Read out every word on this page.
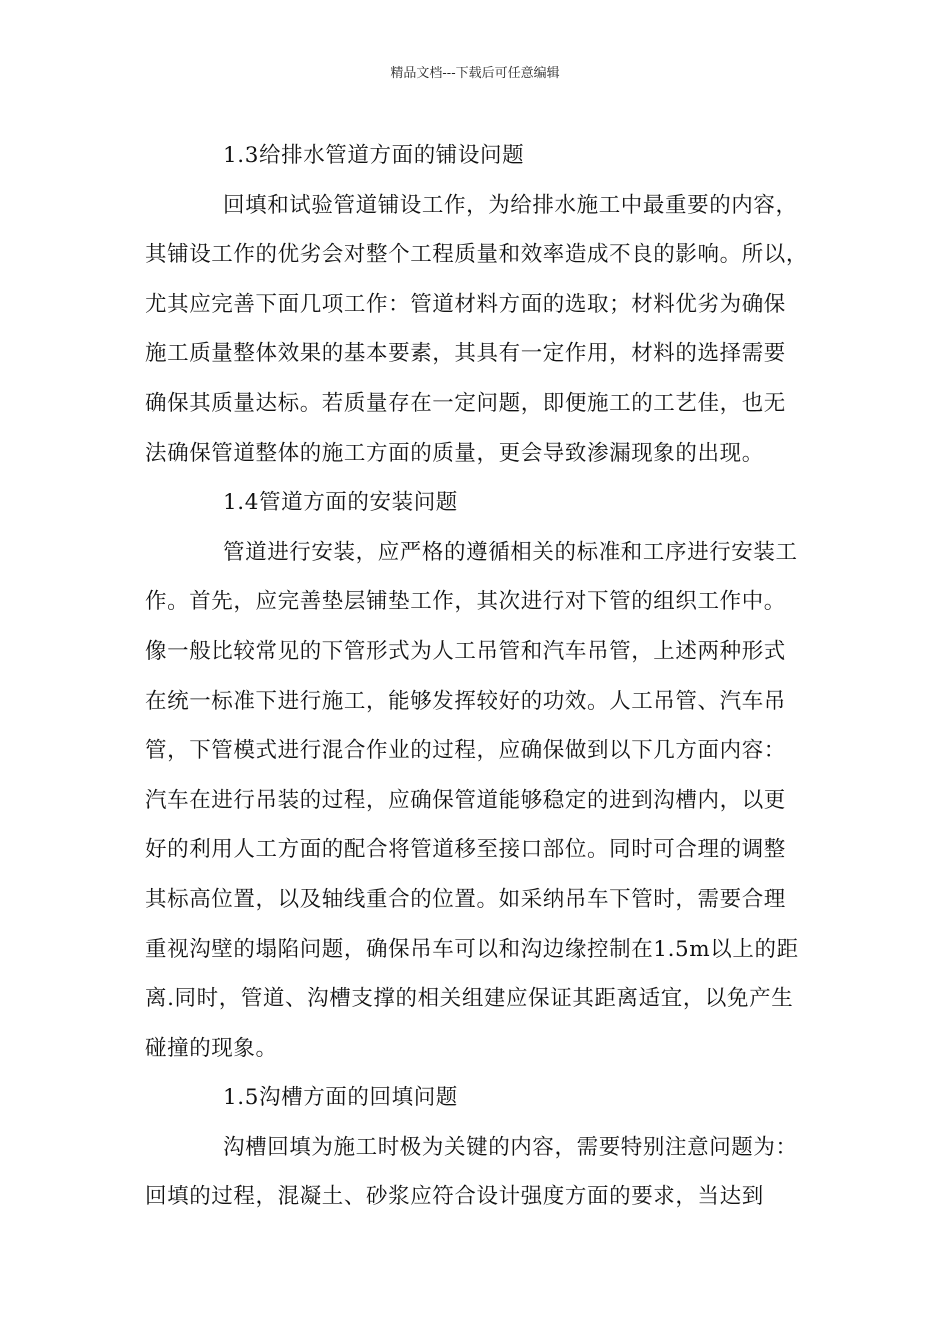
精品文档---下载后可任意编辑
1.3给排水管道方面的铺设问题
回填和试验管道铺设工作，为给排水施工中最重要的内容，
其铺设工作的优劣会对整个工程质量和效率造成不良的影响。所以，
尤其应完善下面几项工作：管道材料方面的选取；材料优劣为确保
施工质量整体效果的基本要素，其具有一定作用，材料的选择需要
确保其质量达标。若质量存在一定问题，即便施工的工艺佳，也无
法确保管道整体的施工方面的质量，更会导致渗漏现象的出现。
1.4管道方面的安装问题
管道进行安装，应严格的遵循相关的标准和工序进行安装工
作。首先，应完善垫层铺垫工作，其次进行对下管的组织工作中。
像一般比较常见的下管形式为人工吊管和汽车吊管，上述两种形式
在统一标准下进行施工，能够发挥较好的功效。人工吊管、汽车吊
管，下管模式进行混合作业的过程，应确保做到以下几方面内容：
汽车在进行吊装的过程，应确保管道能够稳定的进到沟槽内，以更
好的利用人工方面的配合将管道移至接口部位。同时可合理的调整
其标高位置，以及轴线重合的位置。如采纳吊车下管时，需要合理
重视沟壁的塌陷问题，确保吊车可以和沟边缘控制在1.5m以上的距
离.同时，管道、沟槽支撑的相关组建应保证其距离适宜，以免产生
碰撞的现象。
1.5沟槽方面的回填问题
沟槽回填为施工时极为关键的内容，需要特别注意问题为：
回填的过程，混凝土、砂浆应符合设计强度方面的要求，当达到
